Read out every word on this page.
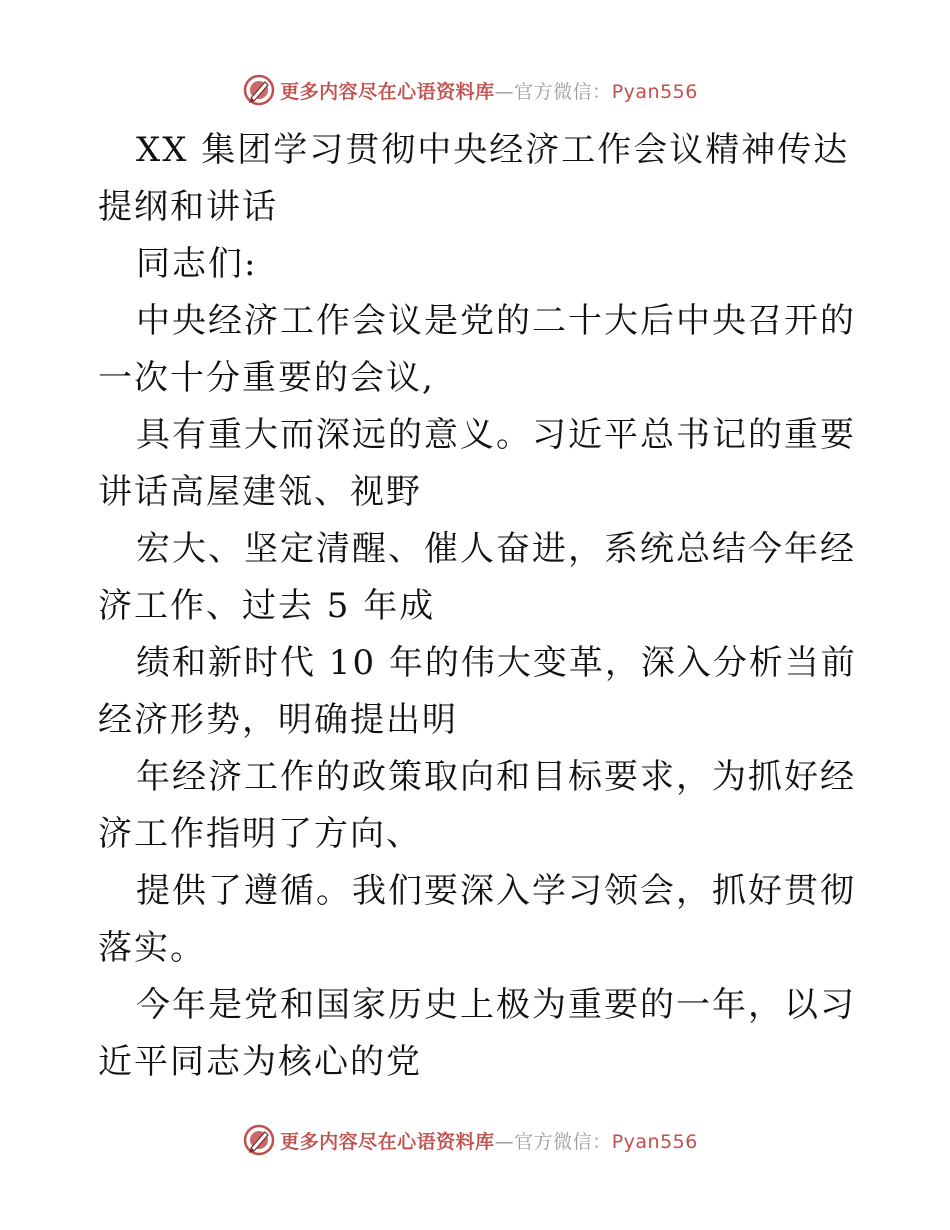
更多内容尽在心语资料库—官方微信：Pyan556

XX 集团学习贯彻中央经济工作会议精神传达提纲和讲话

同志们:

中央经济工作会议是党的二十大后中央召开的一次十分重要的会议,

具有重大而深远的意义。习近平总书记的重要讲话高屋建瓴、视野

宏大、坚定清醒、催人奋进，系统总结今年经济工作、过去 5 年成

绩和新时代 10 年的伟大变革，深入分析当前经济形势，明确提出明

年经济工作的政策取向和目标要求，为抓好经济工作指明了方向、

提供了遵循。我们要深入学习领会，抓好贯彻落实。

今年是党和国家历史上极为重要的一年，以习近平同志为核心的党

更多内容尽在心语资料库—官方微信：Pyan556
